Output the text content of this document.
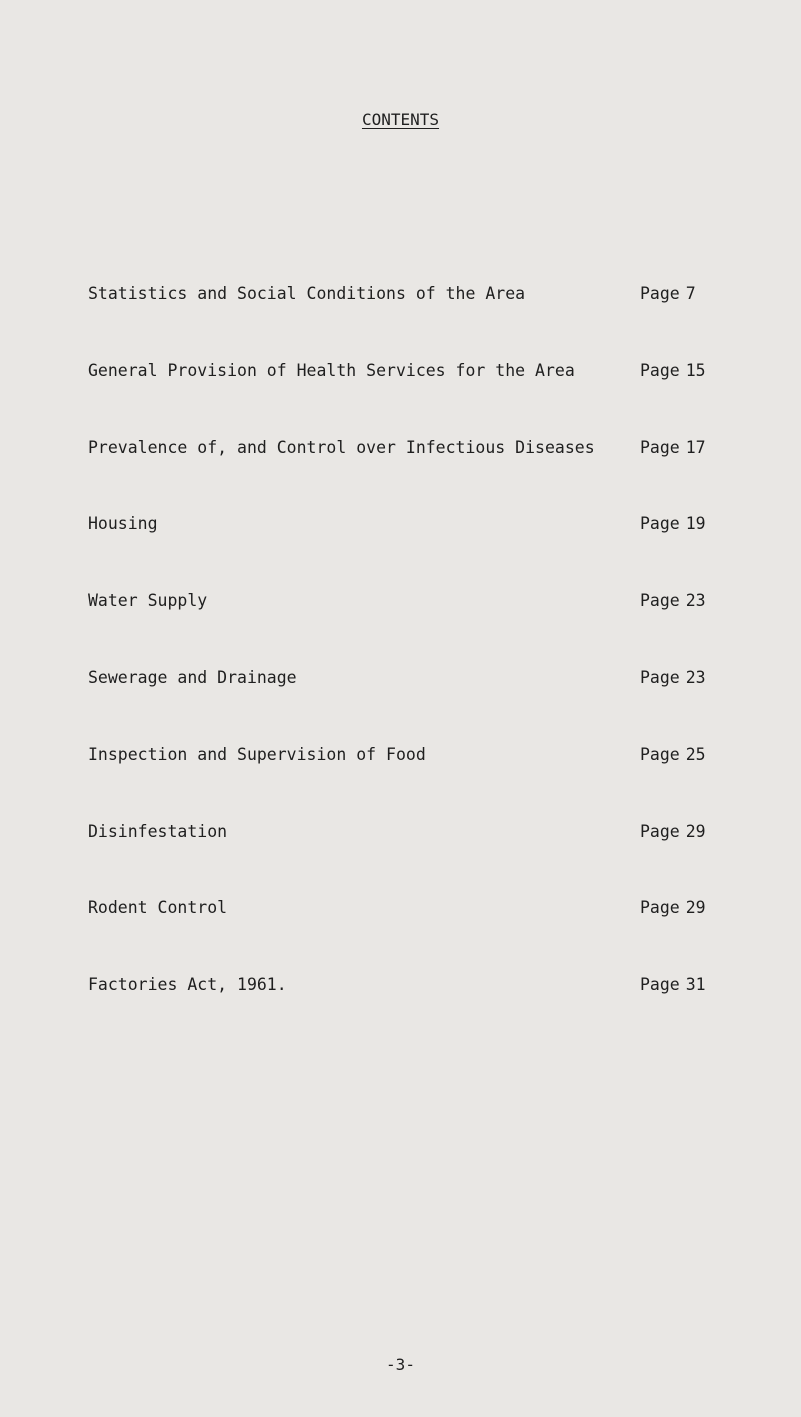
CONTENTS
Statistics and Social Conditions of the Area	Page 7
General Provision of Health Services for the Area	Page 15
Prevalence of, and Control over Infectious Diseases	Page 17
Housing	Page 19
Water Supply	Page 23
Sewerage and Drainage	Page 23
Inspection and Supervision of Food	Page 25
Disinfestation	Page 29
Rodent Control	Page 29
Factories Act, 1961.	Page 31
-3-
